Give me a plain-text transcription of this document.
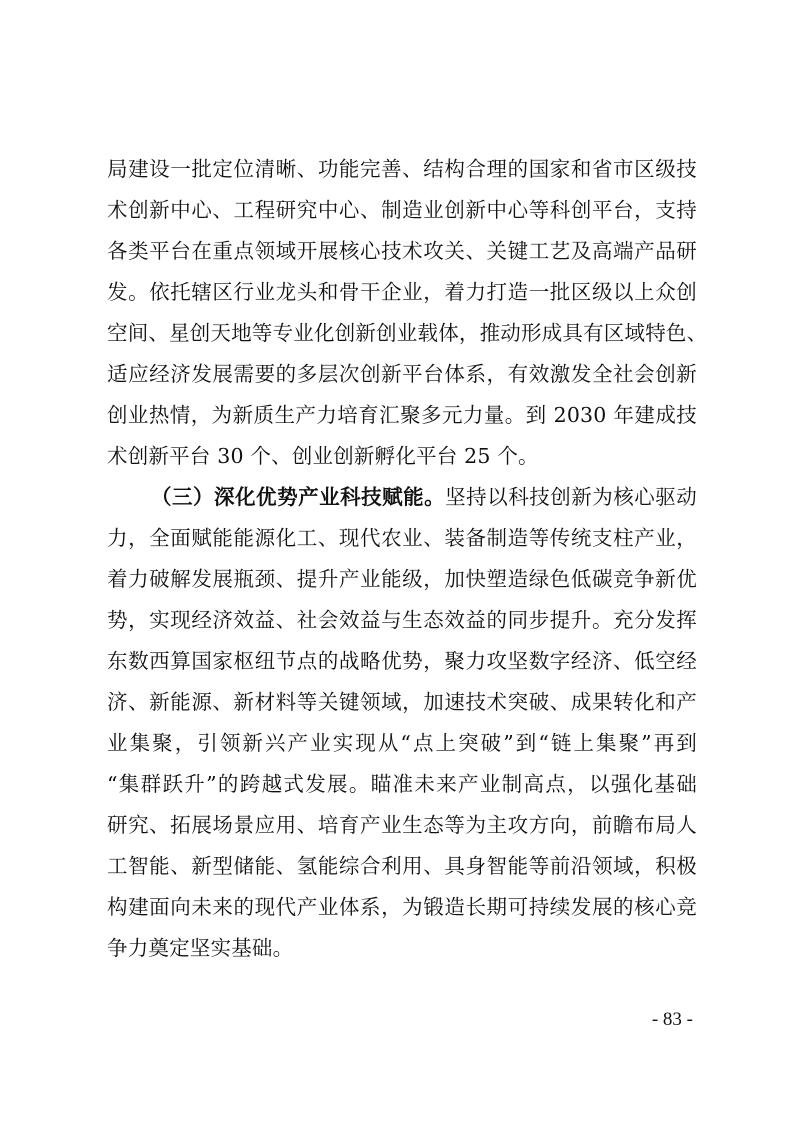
局建设一批定位清晰、功能完善、结构合理的国家和省市区级技
术创新中心、工程研究中心、制造业创新中心等科创平台，支持
各类平台在重点领域开展核心技术攻关、关键工艺及高端产品研
发。依托辖区行业龙头和骨干企业，着力打造一批区级以上众创
空间、星创天地等专业化创新创业载体，推动形成具有区域特色、
适应经济发展需要的多层次创新平台体系，有效激发全社会创新
创业热情，为新质生产力培育汇聚多元力量。到 2030 年建成技
术创新平台 30 个、创业创新孵化平台 25 个。
（三）深化优势产业科技赋能。坚持以科技创新为核心驱动
力，全面赋能能源化工、现代农业、装备制造等传统支柱产业，
着力破解发展瓶颈、提升产业能级，加快塑造绿色低碳竞争新优
势，实现经济效益、社会效益与生态效益的同步提升。充分发挥
东数西算国家枢纽节点的战略优势，聚力攻坚数字经济、低空经
济、新能源、新材料等关键领域，加速技术突破、成果转化和产
业集聚，引领新兴产业实现从“点上突破”到“链上集聚”再到
“集群跃升”的跨越式发展。瞄准未来产业制高点，以强化基础
研究、拓展场景应用、培育产业生态等为主攻方向，前瞻布局人
工智能、新型储能、氢能综合利用、具身智能等前沿领域，积极
构建面向未来的现代产业体系，为锻造长期可持续发展的核心竞
争力奠定坚实基础。
- 83 -
